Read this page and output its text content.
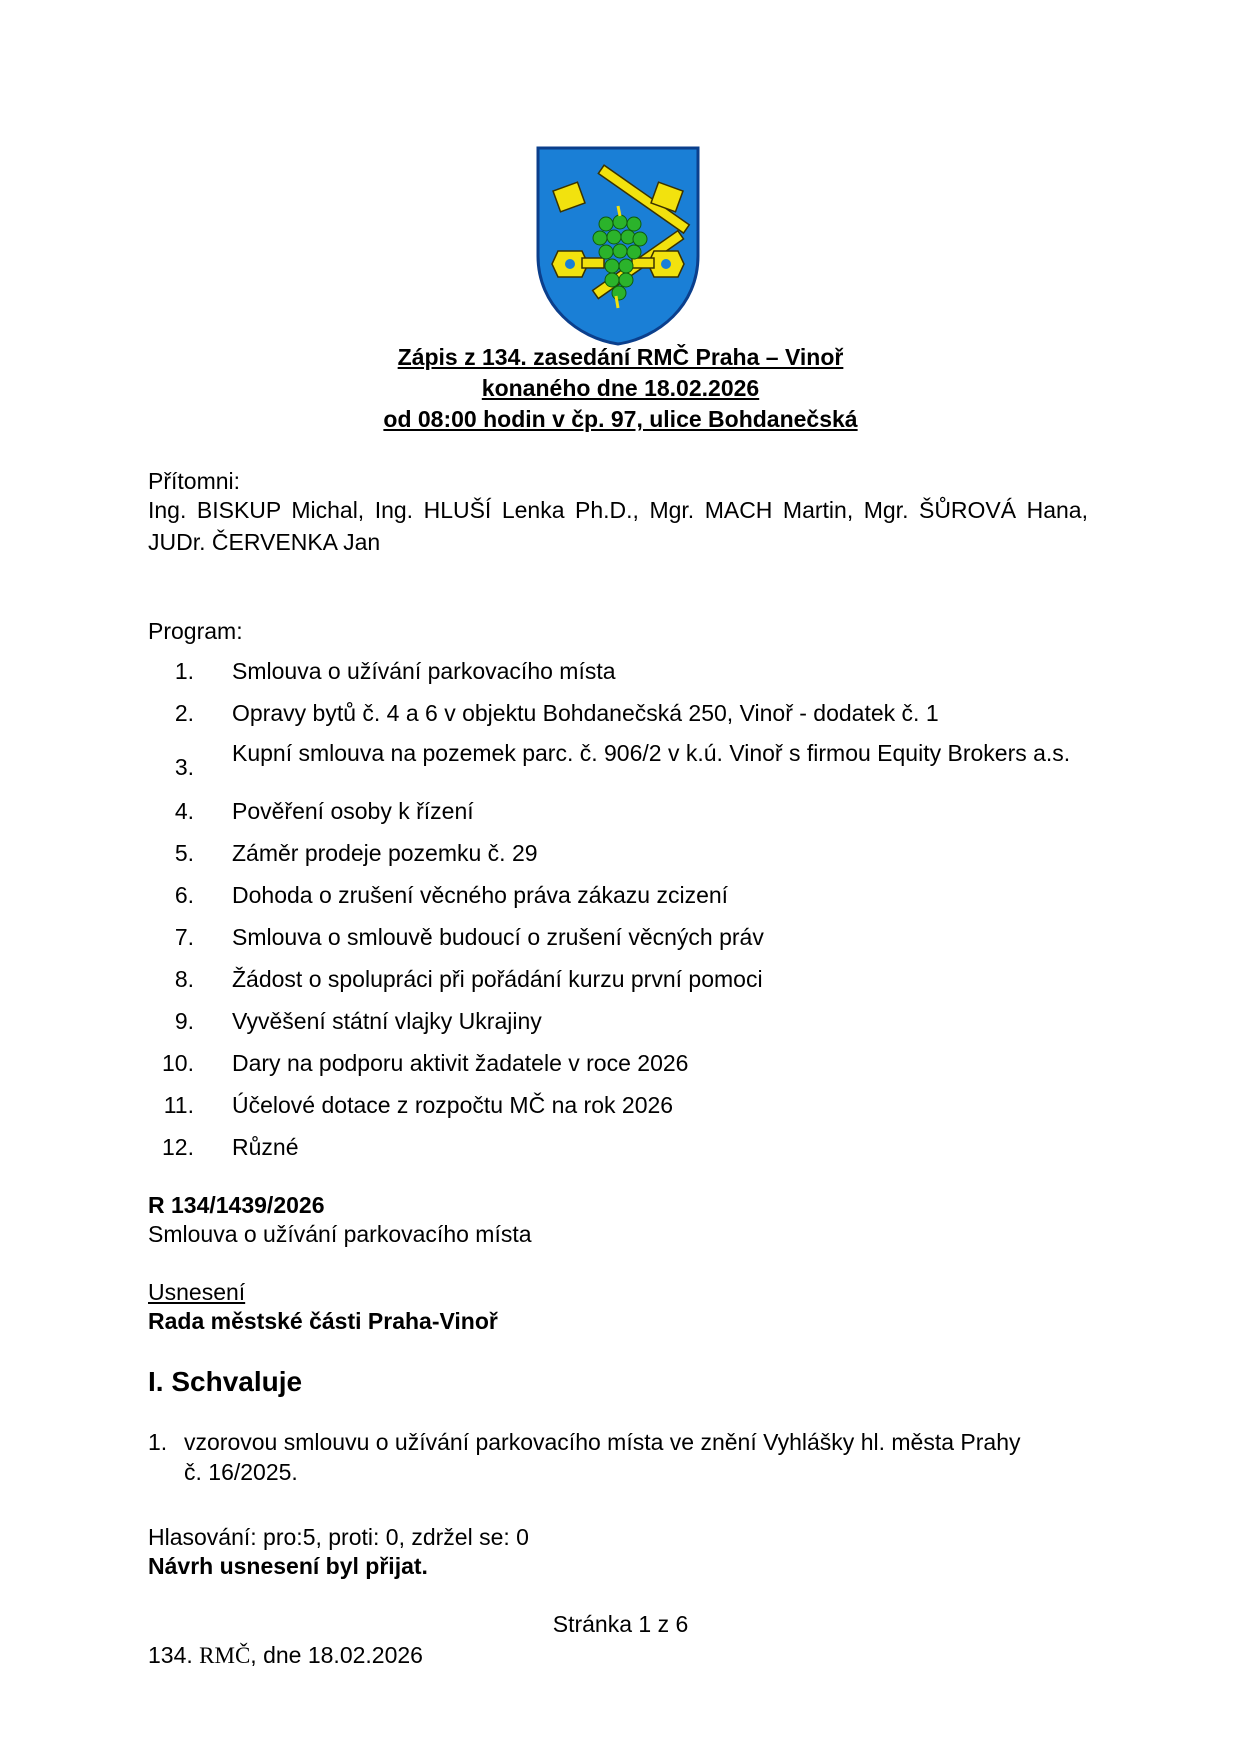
Zápis z 134. zasedání RMČ Praha – Vinoř
konaného dne 18.02.2026
od 08:00 hodin v čp. 97, ulice Bohdanečská
Přítomni:
Ing. BISKUP Michal, Ing. HLUŠÍ Lenka Ph.D., Mgr. MACH Martin, Mgr. ŠŮROVÁ Hana, JUDr. ČERVENKA Jan
Program:
1. Smlouva o užívání parkovacího místa
2. Opravy bytů č. 4 a 6 v objektu Bohdanečská 250, Vinoř - dodatek č. 1
3.
Kupní smlouva na pozemek parc. č. 906/2 v k.ú. Vinoř s firmou Equity Brokers a.s.
4. Pověření osoby k řízení
5. Záměr prodeje pozemku č. 29
6. Dohoda o zrušení věcného práva zákazu zcizení
7. Smlouva o smlouvě budoucí o zrušení věcných práv
8. Žádost o spolupráci při pořádání kurzu první pomoci
9. Vyvěšení státní vlajky Ukrajiny
10. Dary na podporu aktivit žadatele v roce 2026
11. Účelové dotace z rozpočtu MČ na rok 2026
12. Různé
R 134/1439/2026
Smlouva o užívání parkovacího místa
Usnesení
Rada městské části Praha-Vinoř
I. Schvaluje
1. vzorovou smlouvu o užívání parkovacího místa ve znění Vyhlášky hl. města Prahy č. 16/2025.
Hlasování: pro:5, proti: 0, zdržel se: 0
Návrh usnesení byl přijat.
Stránka 1 z 6
134. RMČ, dne 18.02.2026
